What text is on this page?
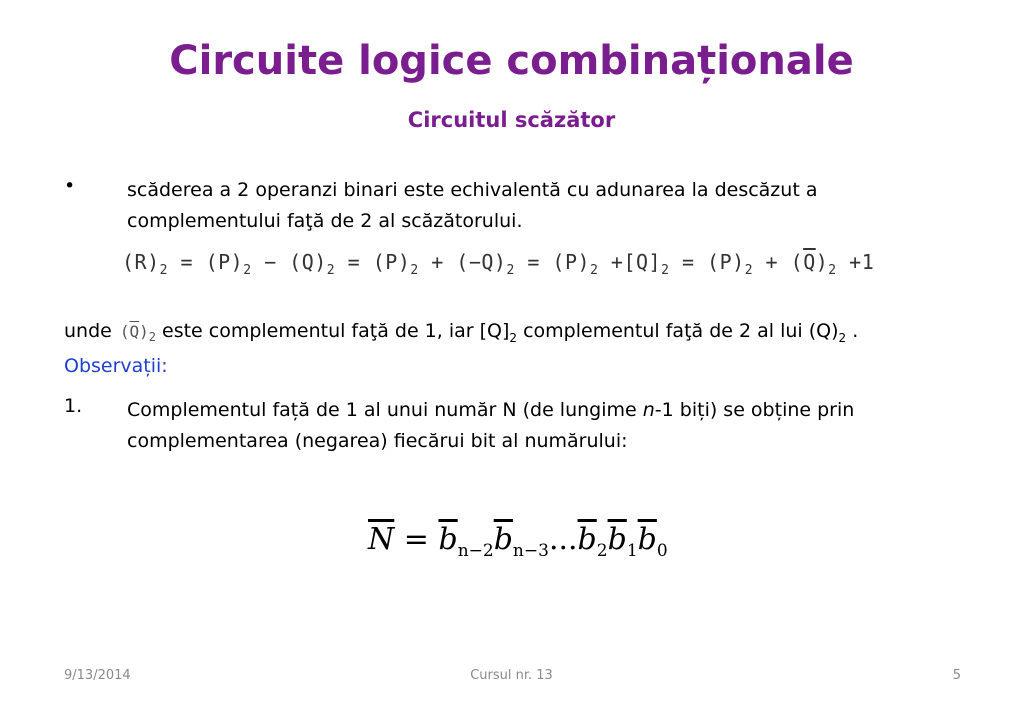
Circuite logice combinaționale
Circuitul scăzător
•	scăderea a 2 operanzi binari este echivalentă cu adunarea la descăzut a complementului faţă de 2 al scăzătorului.
$(R)_2 = (P)_2 - (Q)_2 = (P)_2 + (-Q)_2 = (P)_2 +[Q]_2 = (P)_2 + (\overline{Q})_2 +1$
unde $(\overline{Q})_2$ este complementul faţă de 1, iar $[Q]_2$ complementul faţă de 2 al lui $(Q)_2$ .
Observații:
1. Complementul față de 1 al unui număr N (de lungime n-1 biți) se obține prin complementarea (negarea) fiecărui bit al numărului:
$\overline{N} = \overline{b}_{n-2}\overline{b}_{n-3}...\overline{b}_2\overline{b}_1\overline{b}_0$
9/13/2014	Cursul nr. 13	5
